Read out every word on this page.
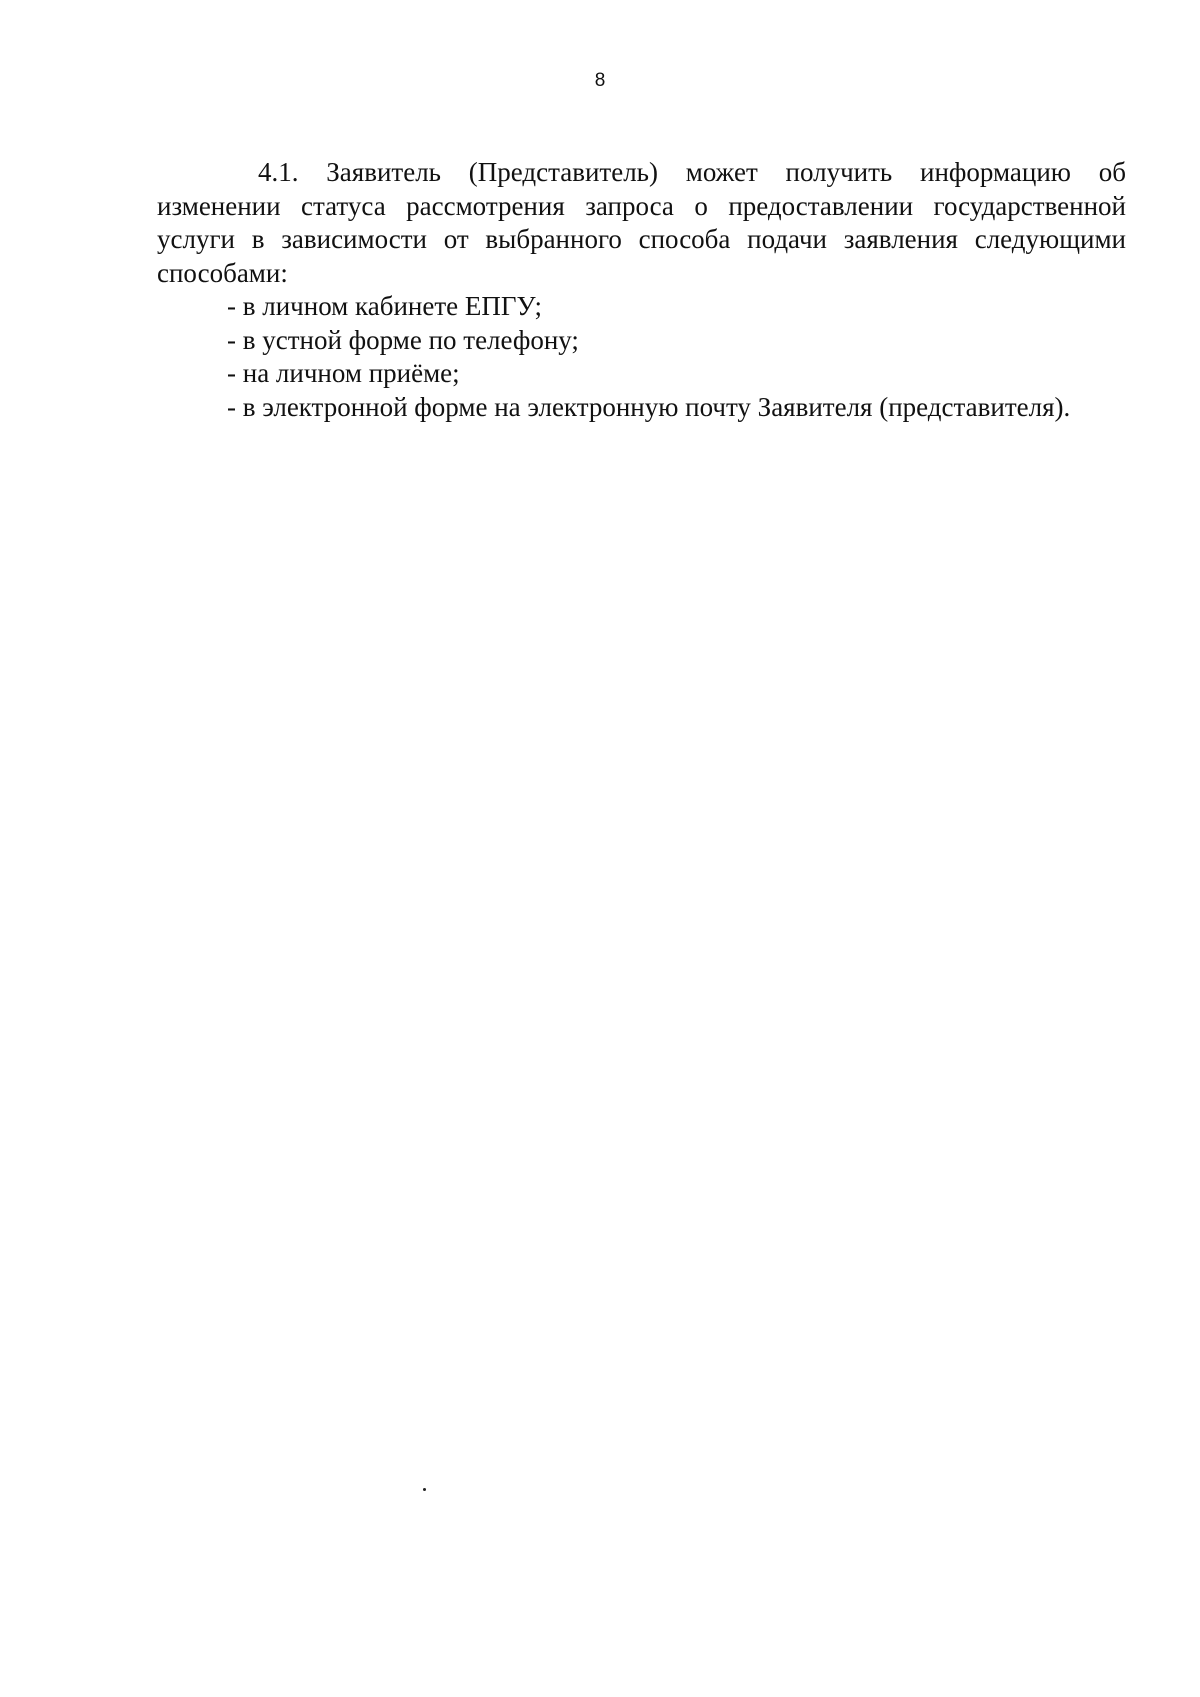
8

4.1. Заявитель (Представитель) может получить информацию об
изменении статуса рассмотрения запроса о предоставлении государственной
услуги в зависимости от выбранного способа подачи заявления следующими
способами:

- в личном кабинете ЕПГУ;
- в устной форме по телефону;
- на личном приёме;
- в электронной форме на электронную почту Заявителя (представителя).
